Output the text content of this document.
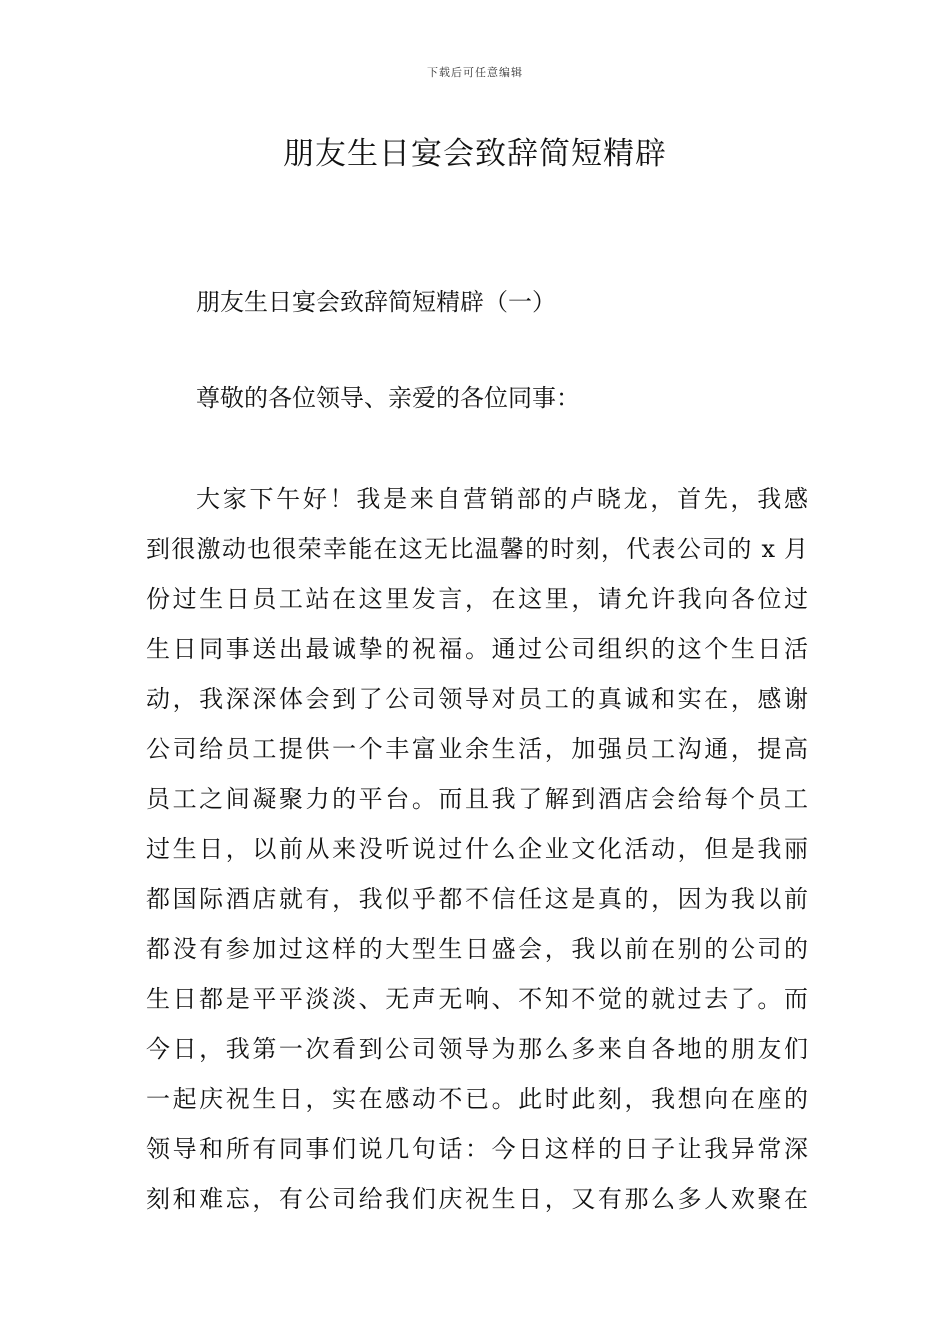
下载后可任意编辑
朋友生日宴会致辞简短精辟

朋友生日宴会致辞简短精辟（一）

尊敬的各位领导、亲爱的各位同事：

大家下午好！我是来自营销部的卢晓龙，首先，我感
到很激动也很荣幸能在这无比温馨的时刻，代表公司的 x 月
份过生日员工站在这里发言，在这里，请允许我向各位过
生日同事送出最诚挚的祝福。通过公司组织的这个生日活
动，我深深体会到了公司领导对员工的真诚和实在，感谢
公司给员工提供一个丰富业余生活，加强员工沟通，提高
员工之间凝聚力的平台。而且我了解到酒店会给每个员工
过生日，以前从来没听说过什么企业文化活动，但是我丽
都国际酒店就有，我似乎都不信任这是真的，因为我以前
都没有参加过这样的大型生日盛会，我以前在别的公司的
生日都是平平淡淡、无声无响、不知不觉的就过去了。而
今日，我第一次看到公司领导为那么多来自各地的朋友们
一起庆祝生日，实在感动不已。此时此刻，我想向在座的
领导和所有同事们说几句话：今日这样的日子让我异常深
刻和难忘，有公司给我们庆祝生日，又有那么多人欢聚在
